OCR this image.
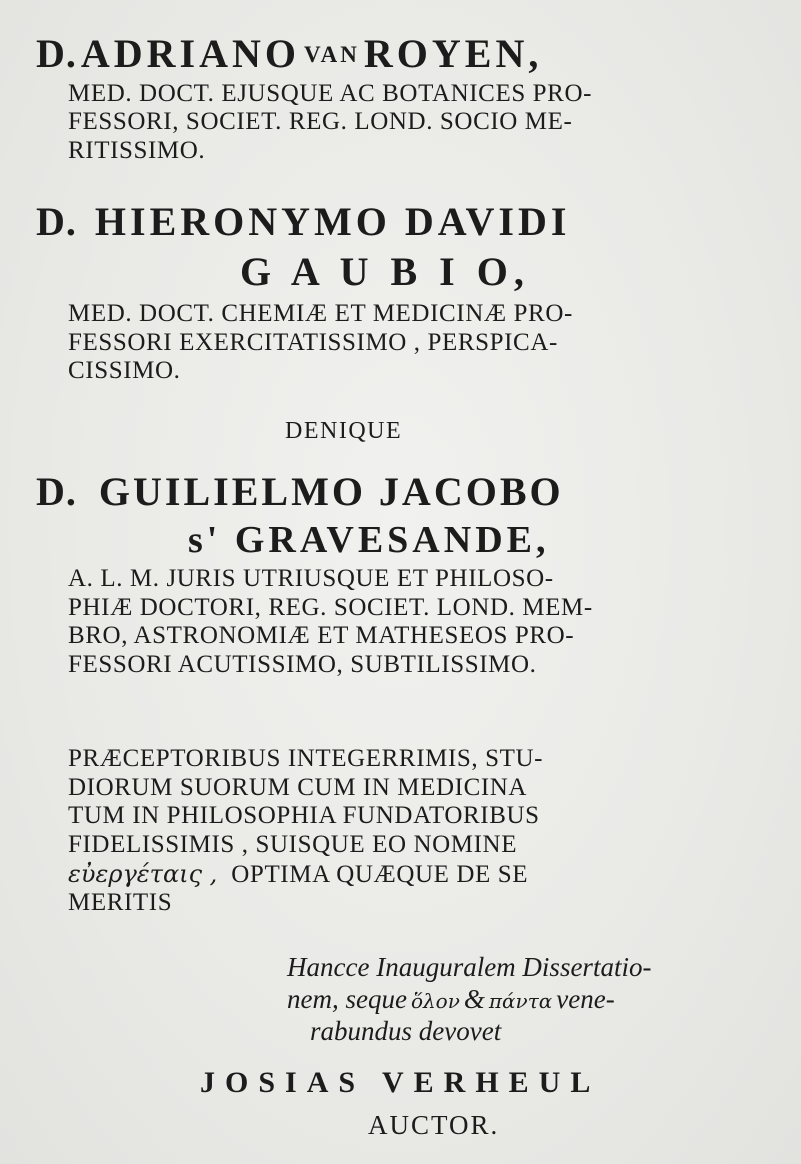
D. ADRIANO VAN ROYEN,
MED. DOCT. EJUSQUE AC BOTANICES PRO-
FESSORI, SOCIET. REG. LOND. SOCIO ME-
RITISSIMO.
D. HIERONYMO DAVIDI
G A U B I O,
MED. DOCT. CHEMIÆ ET MEDICINÆ PRO-
FESSORI EXERCITATISSIMO , PERSPICA-
CISSIMO.
DENIQUE
D. GUILIELMO JACOBO
s' GRAVESANDE,
A. L. M. JURIS UTRIUSQUE ET PHILOSO-
PHIÆ DOCTORI, REG. SOCIET. LOND. MEM-
BRO, ASTRONOMIÆ ET MATHESEOS PRO-
FESSORI ACUTISSIMO, SUBTILISSIMO.
PRÆCEPTORIBUS INTEGERRIMIS, STU-
DIORUM SUORUM CUM IN MEDICINA
TUM IN PHILOSOPHIA FUNDATORIBUS
FIDELISSIMIS , SUISQUE EO NOMINE
εὐεργέταις , OPTIMA QUÆQUE DE SE
MERITIS
Hancce Inauguralem Dissertatio-
nem, seque ὅλον & πάντα vene-
rabundus devovet
JOSIAS VERHEUL
AUCTOR.
